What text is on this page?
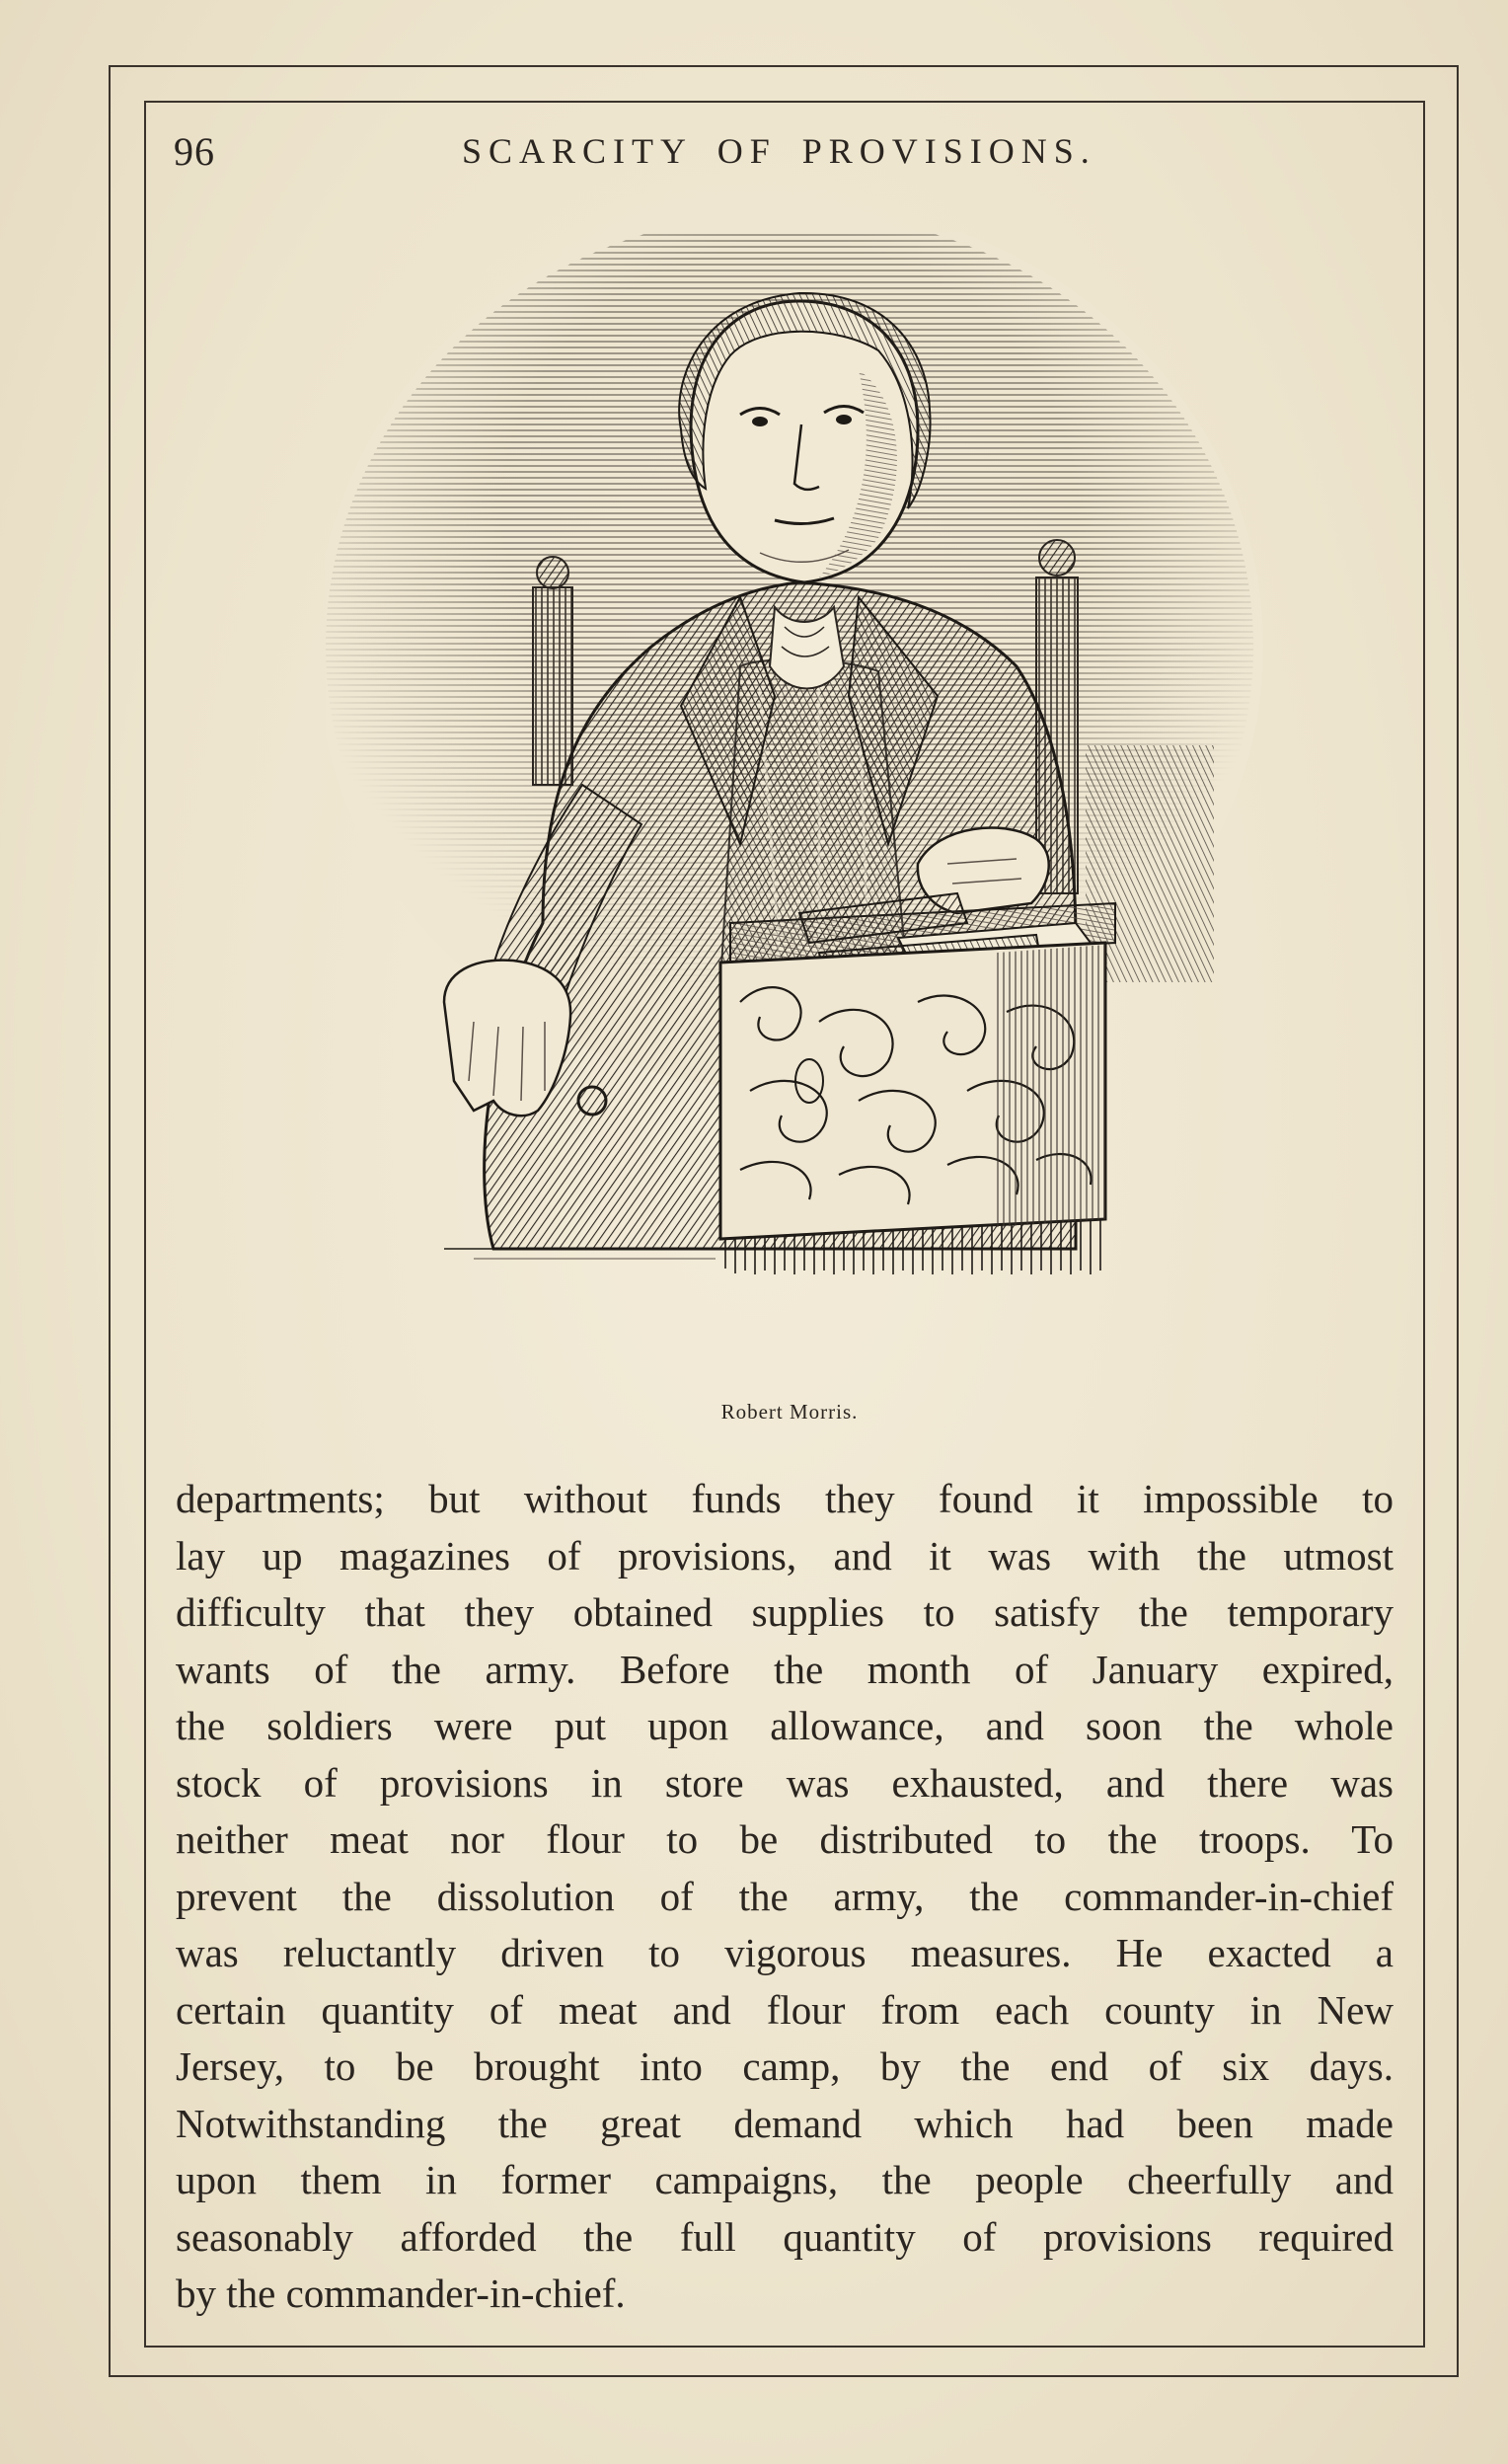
96	SCARCITY OF PROVISIONS.
Robert Morris.
departments; but without funds they found it impossible to
lay up magazines of provisions, and it was with the utmost
difficulty that they obtained supplies to satisfy the temporary
wants of the army. Before the month of January expired,
the soldiers were put upon allowance, and soon the whole
stock of provisions in store was exhausted, and there was
neither meat nor flour to be distributed to the troops. To
prevent the dissolution of the army, the commander-in-chief
was reluctantly driven to vigorous measures. He exacted a
certain quantity of meat and flour from each county in New
Jersey, to be brought into camp, by the end of six days.
Notwithstanding the great demand which had been made
upon them in former campaigns, the people cheerfully and
seasonably afforded the full quantity of provisions required
by the commander-in-chief.
